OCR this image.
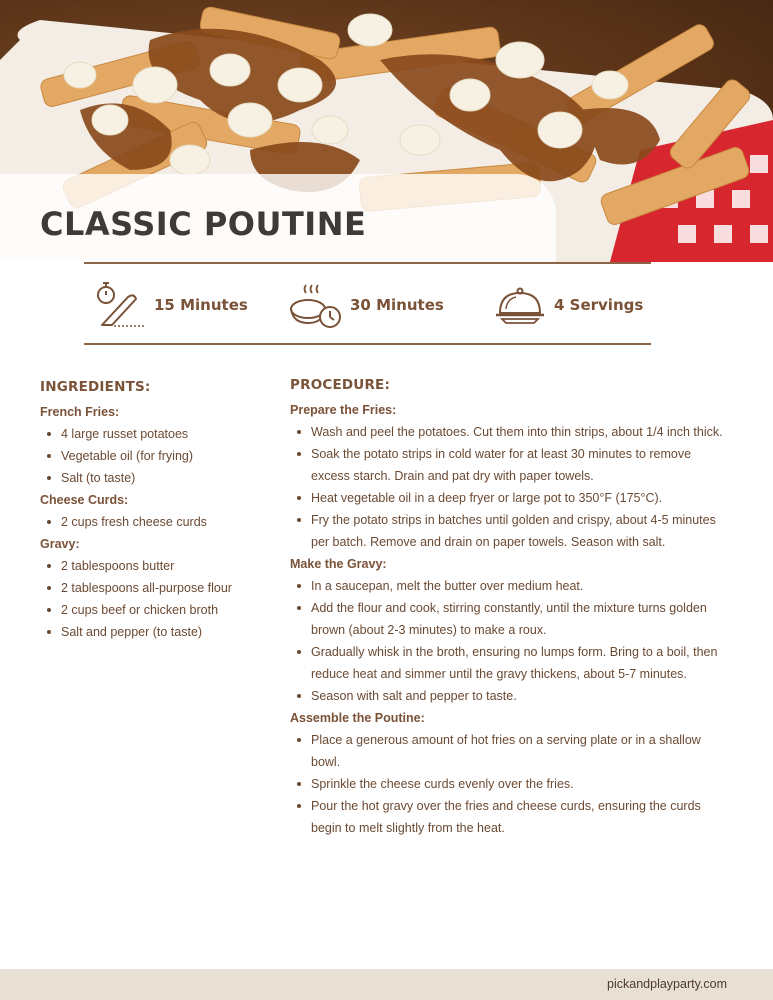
CLASSIC POUTINE
15 Minutes	30 Minutes	4 Servings
INGREDIENTS:
French Fries:
4 large russet potatoes
Vegetable oil (for frying)
Salt (to taste)
Cheese Curds:
2 cups fresh cheese curds
Gravy:
2 tablespoons butter
2 tablespoons all-purpose flour
2 cups beef or chicken broth
Salt and pepper (to taste)
PROCEDURE:
Prepare the Fries:
Wash and peel the potatoes. Cut them into thin strips, about 1/4 inch thick.
Soak the potato strips in cold water for at least 30 minutes to remove excess starch. Drain and pat dry with paper towels.
Heat vegetable oil in a deep fryer or large pot to 350°F (175°C).
Fry the potato strips in batches until golden and crispy, about 4-5 minutes per batch. Remove and drain on paper towels. Season with salt.
Make the Gravy:
In a saucepan, melt the butter over medium heat.
Add the flour and cook, stirring constantly, until the mixture turns golden brown (about 2-3 minutes) to make a roux.
Gradually whisk in the broth, ensuring no lumps form. Bring to a boil, then reduce heat and simmer until the gravy thickens, about 5-7 minutes.
Season with salt and pepper to taste.
Assemble the Poutine:
Place a generous amount of hot fries on a serving plate or in a shallow bowl.
Sprinkle the cheese curds evenly over the fries.
Pour the hot gravy over the fries and cheese curds, ensuring the curds begin to melt slightly from the heat.
pickandplayparty.com
